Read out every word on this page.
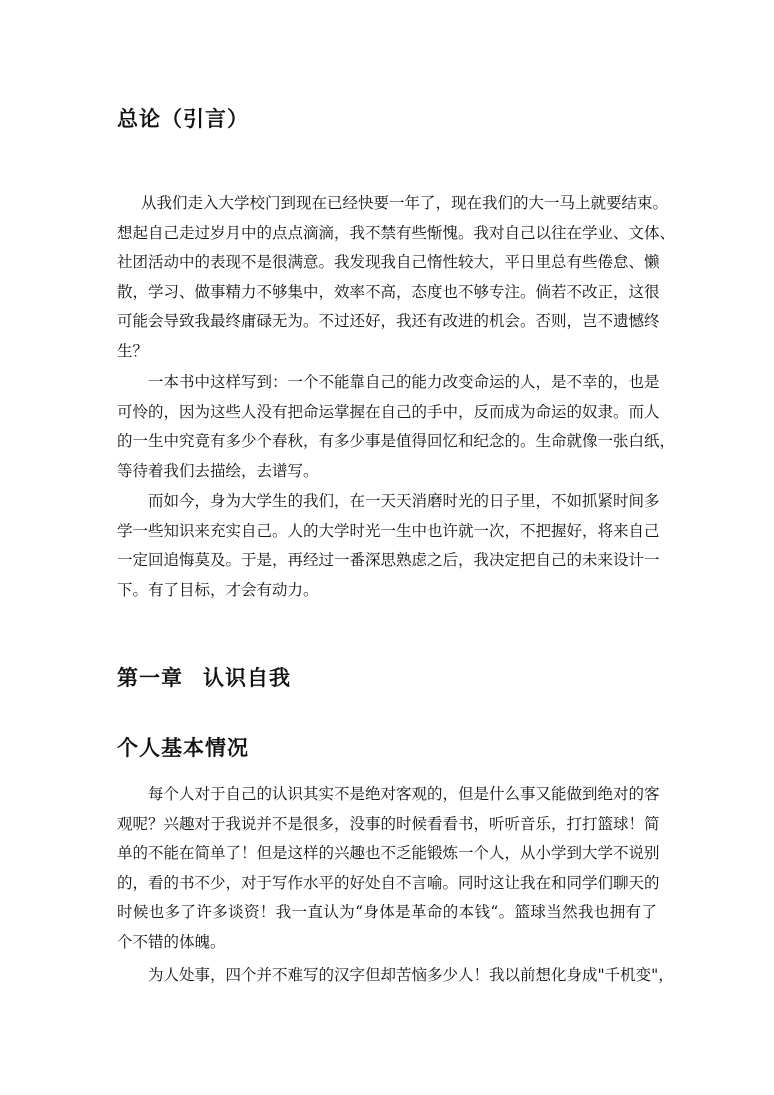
总论（引言）
从我们走入大学校门到现在已经快要一年了，现在我们的大一马上就要结束。
想起自己走过岁月中的点点滴滴，我不禁有些惭愧。我对自己以往在学业、文体、
社团活动中的表现不是很满意。我发现我自己惰性较大，平日里总有些倦怠、懒
散，学习、做事精力不够集中，效率不高，态度也不够专注。倘若不改正，这很
可能会导致我最终庸碌无为。不过还好，我还有改进的机会。否则，岂不遗憾终
生？
一本书中这样写到：一个不能靠自己的能力改变命运的人，是不幸的，也是
可怜的，因为这些人没有把命运掌握在自己的手中，反而成为命运的奴隶。而人
的一生中究竟有多少个春秋，有多少事是值得回忆和纪念的。生命就像一张白纸，
等待着我们去描绘，去谱写。
而如今，身为大学生的我们，在一天天消磨时光的日子里，不如抓紧时间多
学一些知识来充实自己。人的大学时光一生中也许就一次，不把握好，将来自己
一定回追悔莫及。于是，再经过一番深思熟虑之后，我决定把自己的未来设计一
下。有了目标，才会有动力。
第一章 认识自我
个人基本情况
每个人对于自己的认识其实不是绝对客观的，但是什么事又能做到绝对的客
观呢？兴趣对于我说并不是很多，没事的时候看看书，听听音乐，打打篮球！简
单的不能在简单了！但是这样的兴趣也不乏能锻炼一个人，从小学到大学不说别
的，看的书不少，对于写作水平的好处自不言喻。同时这让我在和同学们聊天的
时候也多了许多谈资！我一直认为“身体是革命的本钱“。篮球当然我也拥有了
个不错的体魄。
为人处事，四个并不难写的汉字但却苦恼多少人！我以前想化身成"千机变"，
